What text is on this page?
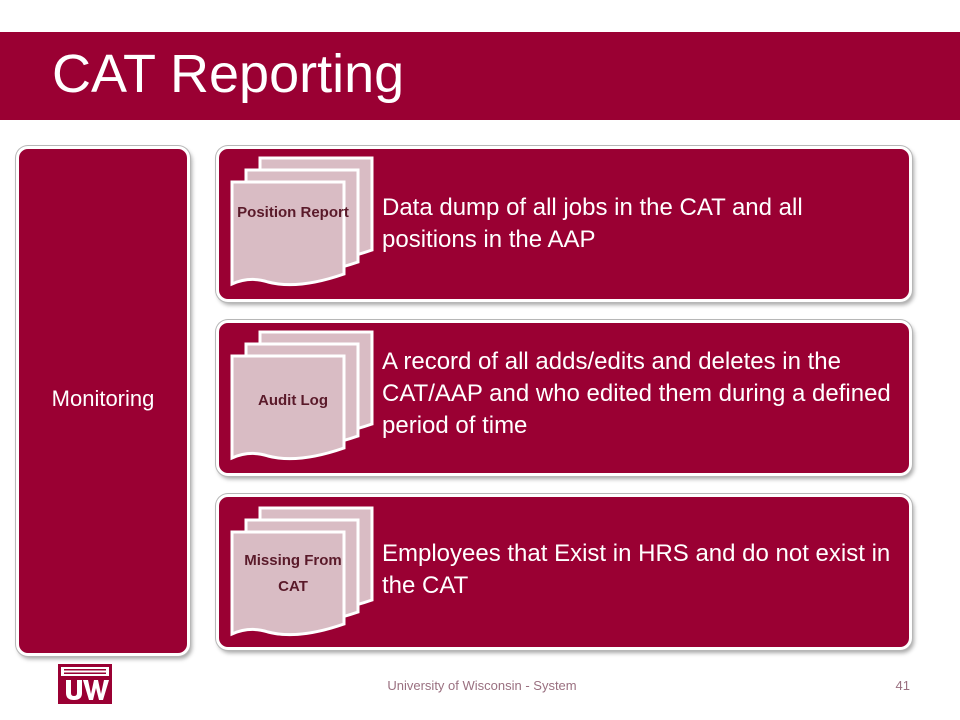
CAT Reporting
Monitoring
Position Report
Audit Log
Missing From CAT
Data dump of all jobs in the CAT and all positions in the AAP
A record of all adds/edits and deletes in the CAT/AAP and who edited them during a defined period of time
Employees that Exist in HRS and do not exist in the CAT
University of Wisconsin - System	41
